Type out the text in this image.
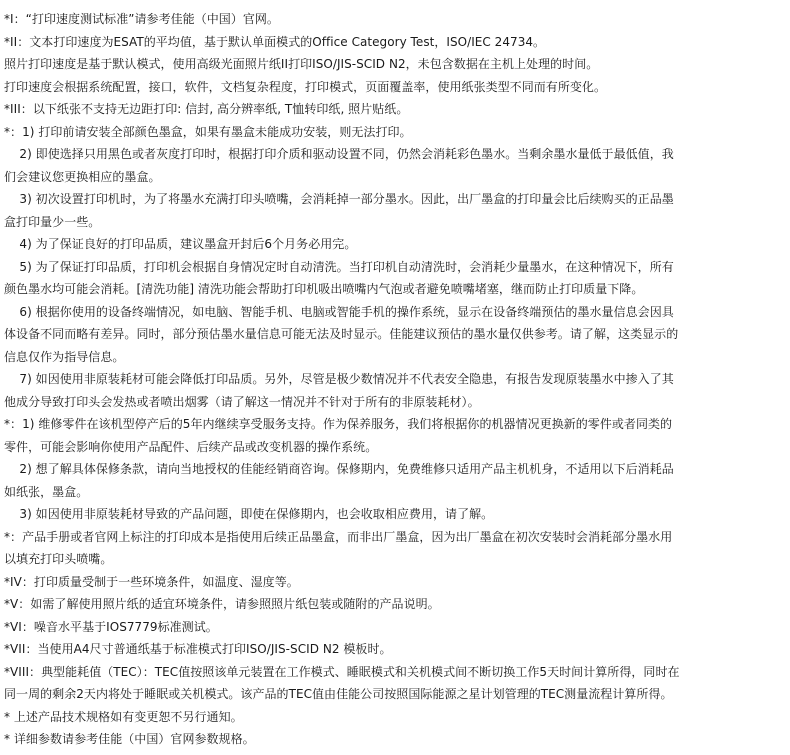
*I：“打印速度测试标准”请参考佳能（中国）官网。
*II：文本打印速度为ESAT的平均值，基于默认单面模式的Office Category Test，ISO/IEC 24734。
照片打印速度是基于默认模式，使用高级光面照片纸II打印ISO/JIS-SCID N2，未包含数据在主机上处理的时间。
打印速度会根据系统配置，接口，软件，文档复杂程度，打印模式，页面覆盖率，使用纸张类型不同而有所变化。
*III：以下纸张不支持无边距打印: 信封, 高分辨率纸, T恤转印纸, 照片贴纸。
*：1) 打印前请安装全部颜色墨盒，如果有墨盒未能成功安装，则无法打印。
2) 即使选择只用黑色或者灰度打印时，根据打印介质和驱动设置不同，仍然会消耗彩色墨水。当剩余墨水量低于最低值，我
们会建议您更换相应的墨盒。
3) 初次设置打印机时，为了将墨水充满打印头喷嘴，会消耗掉一部分墨水。因此，出厂墨盒的打印量会比后续购买的正品墨
盒打印量少一些。
4) 为了保证良好的打印品质，建议墨盒开封后6个月务必用完。
5) 为了保证打印品质，打印机会根据自身情况定时自动清洗。当打印机自动清洗时，会消耗少量墨水，在这种情况下，所有
颜色墨水均可能会消耗。[清洗功能] 清洗功能会帮助打印机吸出喷嘴内气泡或者避免喷嘴堵塞，继而防止打印质量下降。
6) 根据你使用的设备终端情况，如电脑、智能手机、电脑或智能手机的操作系统，显示在设备终端预估的墨水量信息会因具
体设备不同而略有差异。同时，部分预估墨水量信息可能无法及时显示。佳能建议预估的墨水量仅供参考。请了解，这类显示的
信息仅作为指导信息。
7) 如因使用非原装耗材可能会降低打印品质。另外，尽管是极少数情况并不代表安全隐患，有报告发现原装墨水中掺入了其
他成分导致打印头会发热或者喷出烟雾（请了解这一情况并不针对于所有的非原装耗材）。
*：1) 维修零件在该机型停产后的5年内继续享受服务支持。作为保养服务，我们将根据你的机器情况更换新的零件或者同类的
零件，可能会影响你使用产品配件、后续产品或改变机器的操作系统。
2) 想了解具体保修条款，请向当地授权的佳能经销商咨询。保修期内，免费维修只适用产品主机机身，不适用以下后消耗品
如纸张，墨盒。
3) 如因使用非原装耗材导致的产品问题，即使在保修期内，也会收取相应费用，请了解。
*：产品手册或者官网上标注的打印成本是指使用后续正品墨盒，而非出厂墨盒，因为出厂墨盒在初次安装时会消耗部分墨水用
以填充打印头喷嘴。
*IV：打印质量受制于一些环境条件，如温度、湿度等。
*V：如需了解使用照片纸的适宜环境条件，请参照照片纸包装或随附的产品说明。
*VI：噪音水平基于IOS7779标准测试。
*VII：当使用A4尺寸普通纸基于标准模式打印ISO/JIS-SCID N2 模板时。
*VIII：典型能耗值（TEC）：TEC值按照该单元装置在工作模式、睡眠模式和关机模式间不断切换工作5天时间计算所得，同时在
同一周的剩余2天内将处于睡眠或关机模式。该产品的TEC值由佳能公司按照国际能源之星计划管理的TEC测量流程计算所得。
* 上述产品技术规格如有变更恕不另行通知。
* 详细参数请参考佳能（中国）官网参数规格。
